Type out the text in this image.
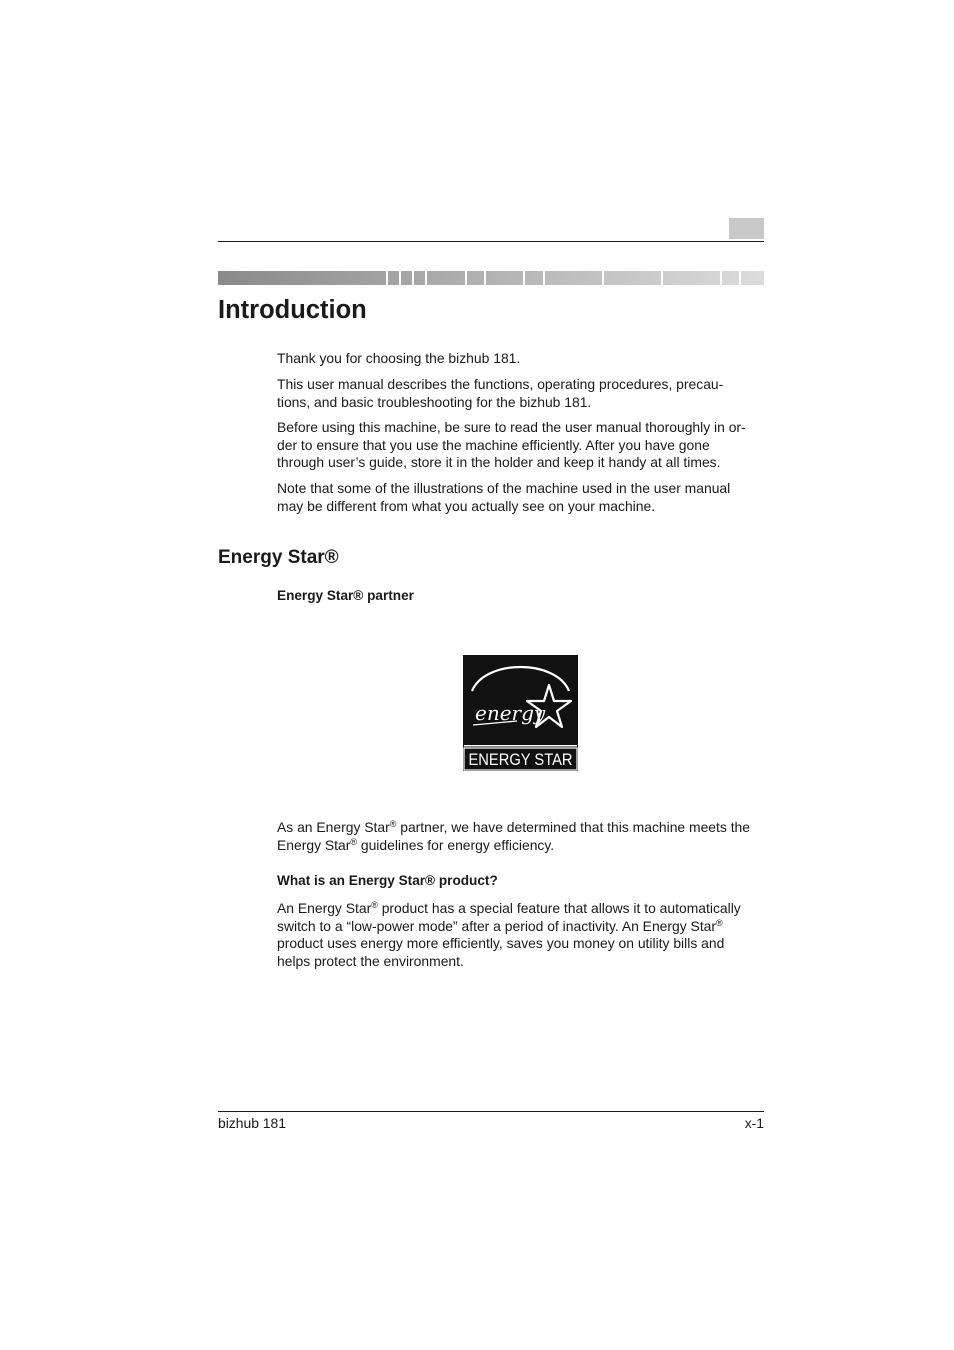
Introduction

Thank you for choosing the bizhub 181.

This user manual describes the functions, operating procedures, precau-
tions, and basic troubleshooting for the bizhub 181.

Before using this machine, be sure to read the user manual thoroughly in or-
der to ensure that you use the machine efficiently. After you have gone
through user’s guide, store it in the holder and keep it handy at all times.

Note that some of the illustrations of the machine used in the user manual
may be different from what you actually see on your machine.

Energy Star®
Energy Star® partner
energy
ENERGY STAR

As an Energy Star® partner, we have determined that this machine meets the
Energy Star® guidelines for energy efficiency.

What is an Energy Star® product?

An Energy Star® product has a special feature that allows it to automatically
switch to a “low-power mode” after a period of inactivity. An Energy Star®
product uses energy more efficiently, saves you money on utility bills and
helps protect the environment.

bizhub 181	x-1
